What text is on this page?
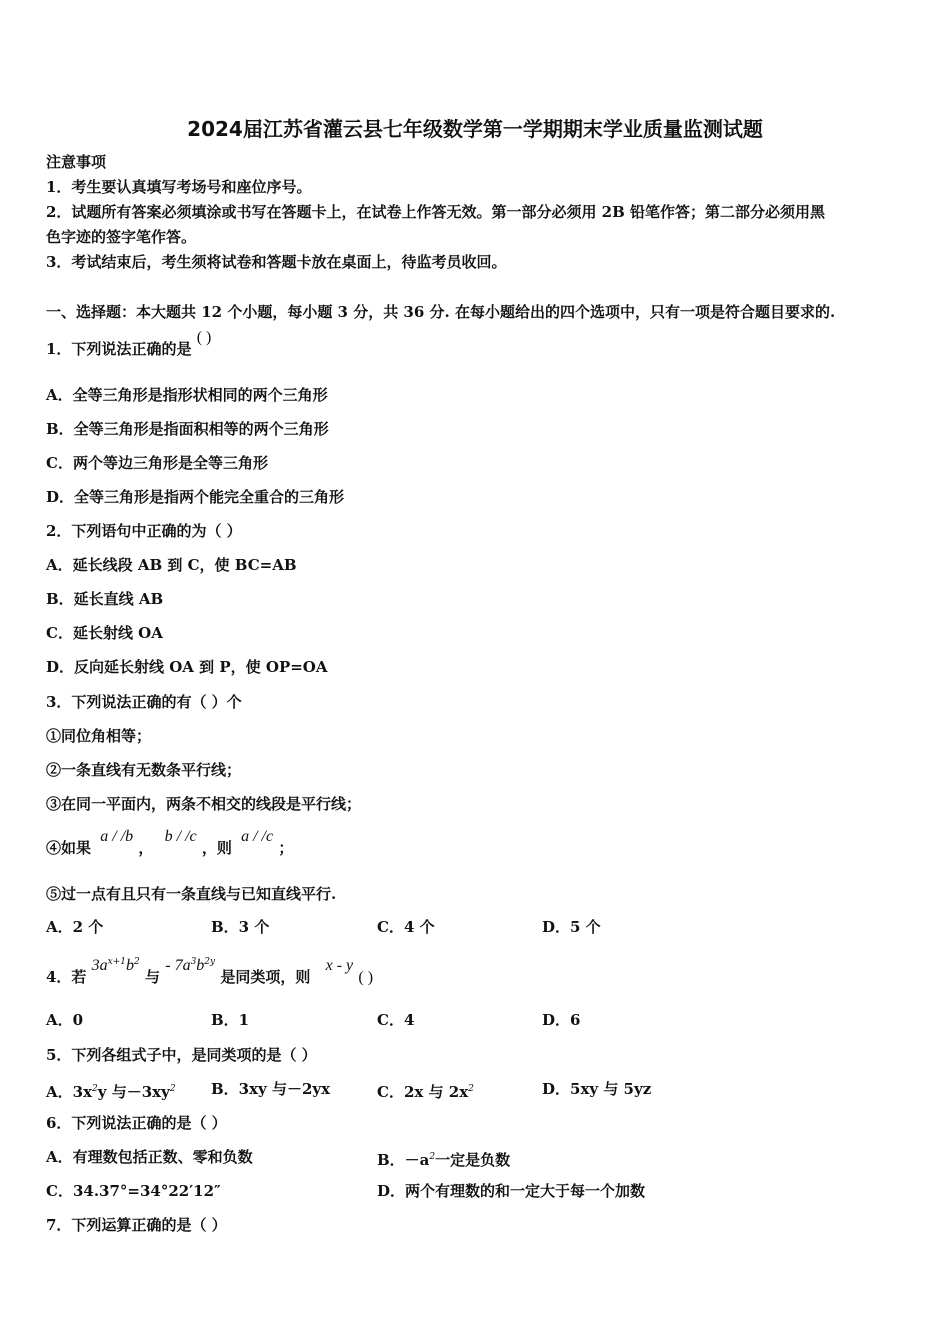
2024届江苏省灌云县七年级数学第一学期期末学业质量监测试题
注意事项
1．考生要认真填写考场号和座位序号。
2．试题所有答案必须填涂或书写在答题卡上，在试卷上作答无效。第一部分必须用 2B 铅笔作答；第二部分必须用黑
色字迹的签字笔作答。
3．考试结束后，考生须将试卷和答题卡放在桌面上，待监考员收回。
一、选择题：本大题共 12 个小题，每小题 3 分，共 36 分. 在每小题给出的四个选项中，只有一项是符合题目要求的.
1．下列说法正确的是 ( )
A．全等三角形是指形状相同的两个三角形
B．全等三角形是指面积相等的两个三角形
C．两个等边三角形是全等三角形
D．全等三角形是指两个能完全重合的三角形
2．下列语句中正确的为（ ）
A．延长线段 AB 到 C，使 BC=AB
B．延长直线 AB
C．延长射线 OA
D．反向延长射线 OA 到 P，使 OP=OA
3．下列说法正确的有（ ）个
①同位角相等；
②一条直线有无数条平行线；
③在同一平面内，两条不相交的线段是平行线；
④如果 a / /b ， b / /c ，则 a / /c ；
⑤过一点有且只有一条直线与已知直线平行.
A．2 个	B．3 个	C．4 个	D．5 个
4．若 $3a^{x+1}b^2$ 与 - $7a^3b^{2y}$ 是同类项，则 x - y ( )
A．0	B．1	C．4	D．6
5．下列各组式子中，是同类项的是（ ）
A．$3x^2y$ 与$-3xy^2$ B．3xy 与－2yx	C．2x 与 $2x^2$	D．5xy 与 5yz
6．下列说法正确的是（ ）
A．有理数包括正数、零和负数	B．$-a^2$一定是负数
C．34.37°=34°22′12″	D．两个有理数的和一定大于每一个加数
7．下列运算正确的是（ ）
